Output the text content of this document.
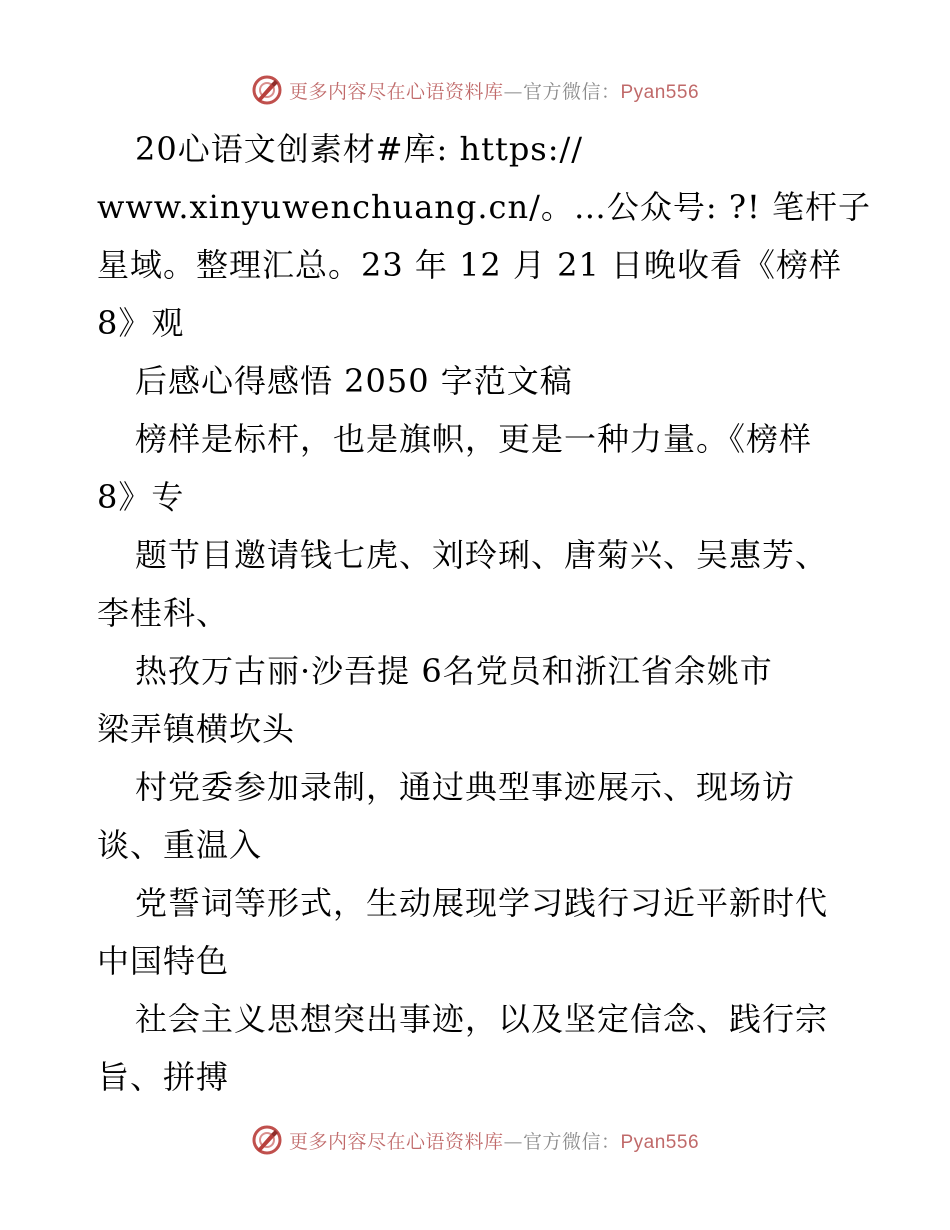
更多内容尽在心语资料库—官方微信：Pyan556
20心语文创素材#库: https://
www.xinyuwenchuang.cn/。…公众号: ?! 笔杆子
星域。整理汇总。23 年 12 月 21 日晚收看《榜样
8》观
后感心得感悟 2050 字范文稿
榜样是标杆，也是旗帜，更是一种力量。《榜样
8》专
题节目邀请钱七虎、刘玲琍、唐菊兴、吴惠芳、
李桂科、
热孜万古丽·沙吾提 6名党员和浙江省余姚市
梁弄镇横坎头
村党委参加录制，通过典型事迹展示、现场访
谈、重温入
党誓词等形式，生动展现学习践行习近平新时代
中国特色
社会主义思想突出事迹，以及坚定信念、践行宗
旨、拼搏
更多内容尽在心语资料库—官方微信：Pyan556
